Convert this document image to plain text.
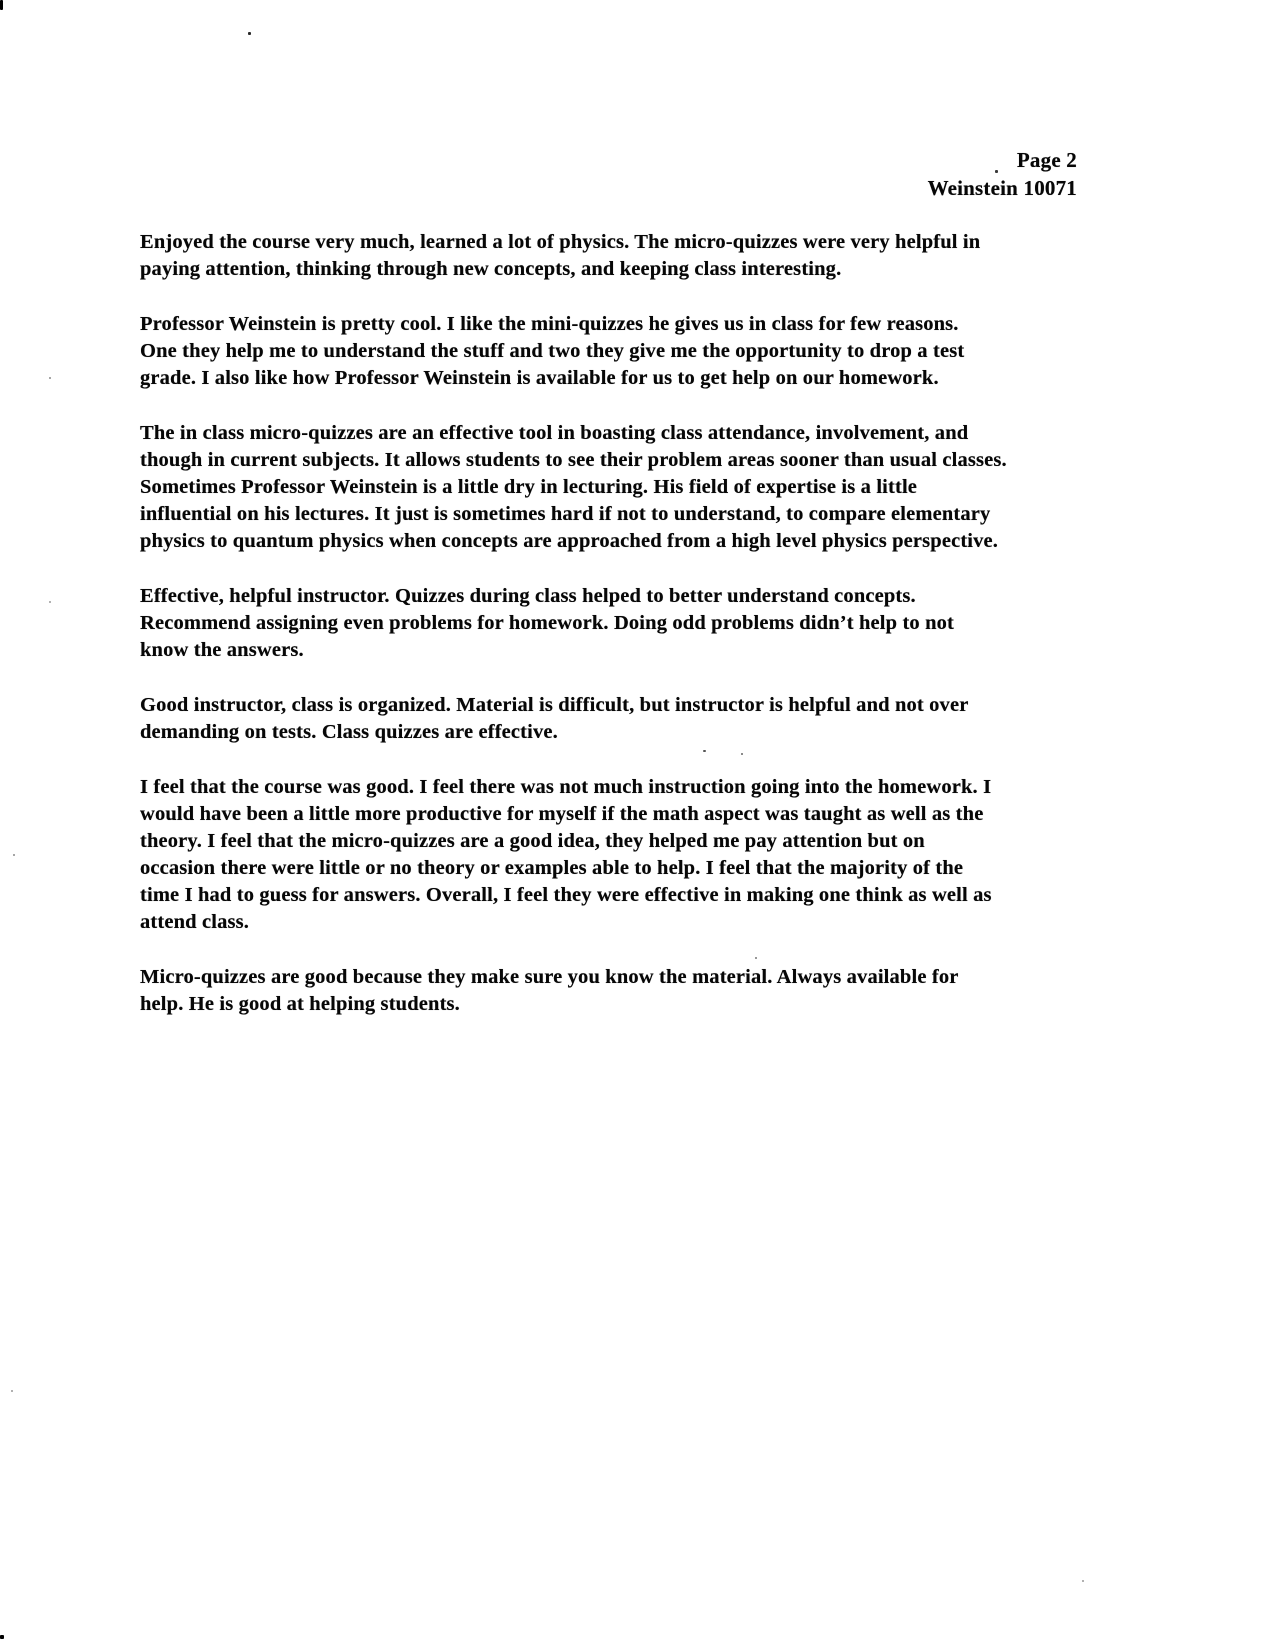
Page 2
Weinstein 10071

Enjoyed the course very much, learned a lot of physics. The micro-quizzes were very helpful in
paying attention, thinking through new concepts, and keeping class interesting.

Professor Weinstein is pretty cool. I like the mini-quizzes he gives us in class for few reasons.
One they help me to understand the stuff and two they give me the opportunity to drop a test
grade. I also like how Professor Weinstein is available for us to get help on our homework.

The in class micro-quizzes are an effective tool in boasting class attendance, involvement, and
though in current subjects. It allows students to see their problem areas sooner than usual classes.
Sometimes Professor Weinstein is a little dry in lecturing. His field of expertise is a little
influential on his lectures. It just is sometimes hard if not to understand, to compare elementary
physics to quantum physics when concepts are approached from a high level physics perspective.

Effective, helpful instructor. Quizzes during class helped to better understand concepts.
Recommend assigning even problems for homework. Doing odd problems didn’t help to not
know the answers.

Good instructor, class is organized. Material is difficult, but instructor is helpful and not over
demanding on tests. Class quizzes are effective.

I feel that the course was good. I feel there was not much instruction going into the homework. I
would have been a little more productive for myself if the math aspect was taught as well as the
theory. I feel that the micro-quizzes are a good idea, they helped me pay attention but on
occasion there were little or no theory or examples able to help. I feel that the majority of the
time I had to guess for answers. Overall, I feel they were effective in making one think as well as
attend class.

Micro-quizzes are good because they make sure you know the material. Always available for
help. He is good at helping students.
